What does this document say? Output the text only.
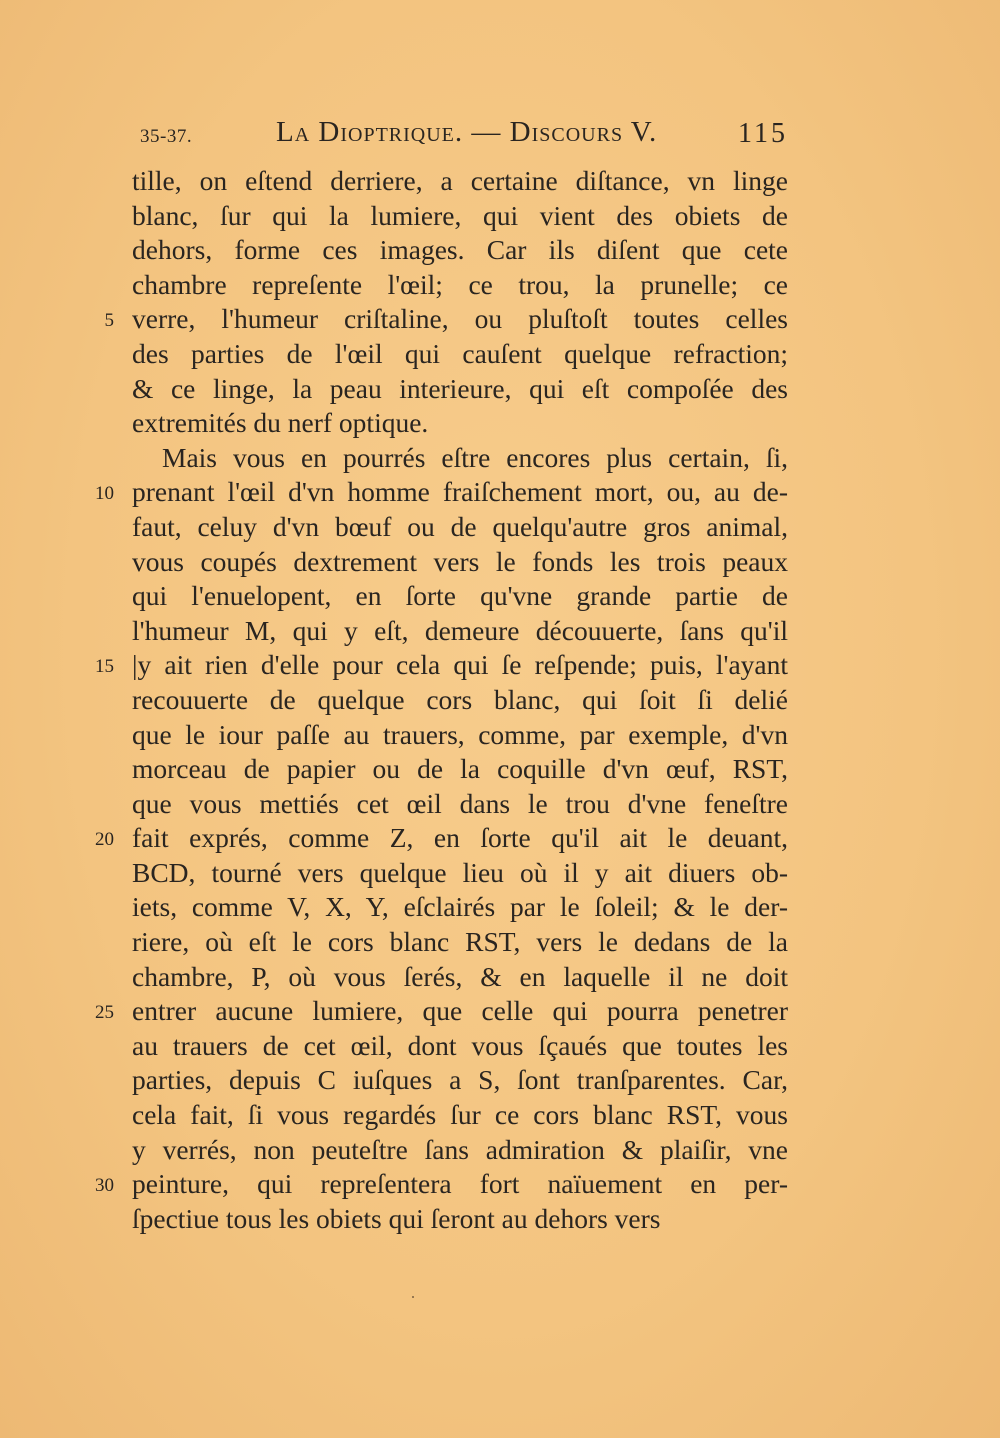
35-37.	La Dioptrique. — Discours V.	115
5
10
15
20
25
30
tille, on eſtend derriere, a certaine diſtance, vn linge
blanc, ſur qui la lumiere, qui vient des obiets de
dehors, forme ces images. Car ils diſent que cete
chambre repreſente l'œil; ce trou, la prunelle; ce
verre, l'humeur criſtaline, ou pluſtoſt toutes celles
des parties de l'œil qui cauſent quelque refraction;
& ce linge, la peau interieure, qui eſt compoſée des
extremités du nerf optique.
Mais vous en pourrés eſtre encores plus certain, ſi,
prenant l'œil d'vn homme fraiſchement mort, ou, au de-
faut, celuy d'vn bœuf ou de quelqu'autre gros animal,
vous coupés dextrement vers le fonds les trois peaux
qui l'enuelopent, en ſorte qu'vne grande partie de
l'humeur M, qui y eſt, demeure découuerte, ſans qu'il
|y ait rien d'elle pour cela qui ſe reſpende; puis, l'ayant
recouuerte de quelque cors blanc, qui ſoit ſi delié
que le iour paſſe au trauers, comme, par exemple, d'vn
morceau de papier ou de la coquille d'vn œuf, RST,
que vous mettiés cet œil dans le trou d'vne feneſtre
fait exprés, comme Z, en ſorte qu'il ait le deuant,
BCD, tourné vers quelque lieu où il y ait diuers ob-
iets, comme V, X, Y, eſclairés par le ſoleil; & le der-
riere, où eſt le cors blanc RST, vers le dedans de la
chambre, P, où vous ſerés, & en laquelle il ne doit
entrer aucune lumiere, que celle qui pourra penetrer
au trauers de cet œil, dont vous ſçaués que toutes les
parties, depuis C iuſques a S, ſont tranſparentes. Car,
cela fait, ſi vous regardés ſur ce cors blanc RST, vous
y verrés, non peuteſtre ſans admiration & plaiſir, vne
peinture, qui repreſentera fort naïuement en per-
ſpectiue tous les obiets qui ſeront au dehors vers
